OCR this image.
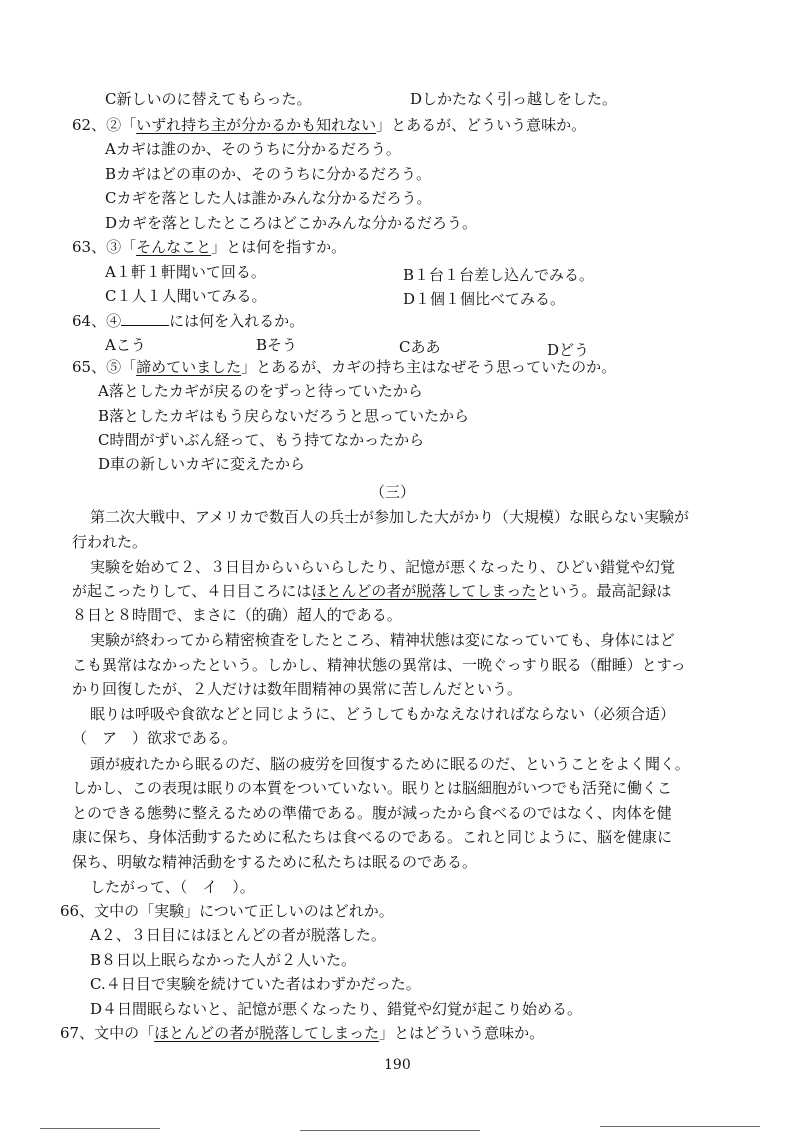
C新しいのに替えてもらった。	Dしかたなく引っ越しをした。
62、②「いずれ持ち主が分かるかも知れない」とあるが、どういう意味か。
Aカギは誰のか、そのうちに分かるだろう。
Bカギはどの車のか、そのうちに分かるだろう。
Cカギを落とした人は誰かみんな分かるだろう。
Dカギを落としたところはどこかみんな分かるだろう。
63、③「そんなこと」とは何を指すか。
A１軒１軒聞いて回る。	B１台１台差し込んでみる。
C１人１人聞いてみる。	D１個１個比べてみる。
64、④	には何を入れるか。
Aこう	Bそう	Cああ	Dどう
65、⑤「諦めていました」とあるが、カギの持ち主はなぜそう思っていたのか。
A落としたカギが戻るのをずっと待っていたから
B落としたカギはもう戻らないだろうと思っていたから
C時間がずいぶん経って、もう持てなかったから
D車の新しいカギに変えたから
（三）
第二次大戦中、アメリカで数百人の兵士が参加した大がかり（大規模）な眠らない実験が
行われた。
実験を始めて２、３日目からいらいらしたり、記憶が悪くなったり、ひどい錯覚や幻覚
が起こったりして、４日目ころにはほとんどの者が脱落してしまったという。最高記録は
８日と８時間で、まさに（的确）超人的である。
実験が終わってから精密検査をしたところ、精神状態は変になっていても、身体にはど
こも異常はなかったという。しかし、精神状態の異常は、一晩ぐっすり眠る（酣睡）とすっ
かり回復したが、２人だけは数年間精神の異常に苦しんだという。
眠りは呼吸や食欲などと同じように、どうしてもかなえなければならない（必须合适）
（　ア　）欲求である。
頭が疲れたから眠るのだ、脳の疲労を回復するために眠るのだ、ということをよく聞く。
しかし、この表現は眠りの本質をついていない。眠りとは脳細胞がいつでも活発に働くこ
とのできる態勢に整えるための準備である。腹が減ったから食べるのではなく、肉体を健
康に保ち、身体活動するために私たちは食べるのである。これと同じように、脳を健康に
保ち、明敏な精神活動をするために私たちは眠るのである。
したがって、（　イ　）。
66、文中の「実験」について正しいのはどれか。
A２、３日目にはほとんどの者が脱落した。
B８日以上眠らなかった人が２人いた。
C.４日目で実験を続けていた者はわずかだった。
D４日間眠らないと、記憶が悪くなったり、錯覚や幻覚が起こり始める。
67、文中の「ほとんどの者が脱落してしまった」とはどういう意味か。
190
